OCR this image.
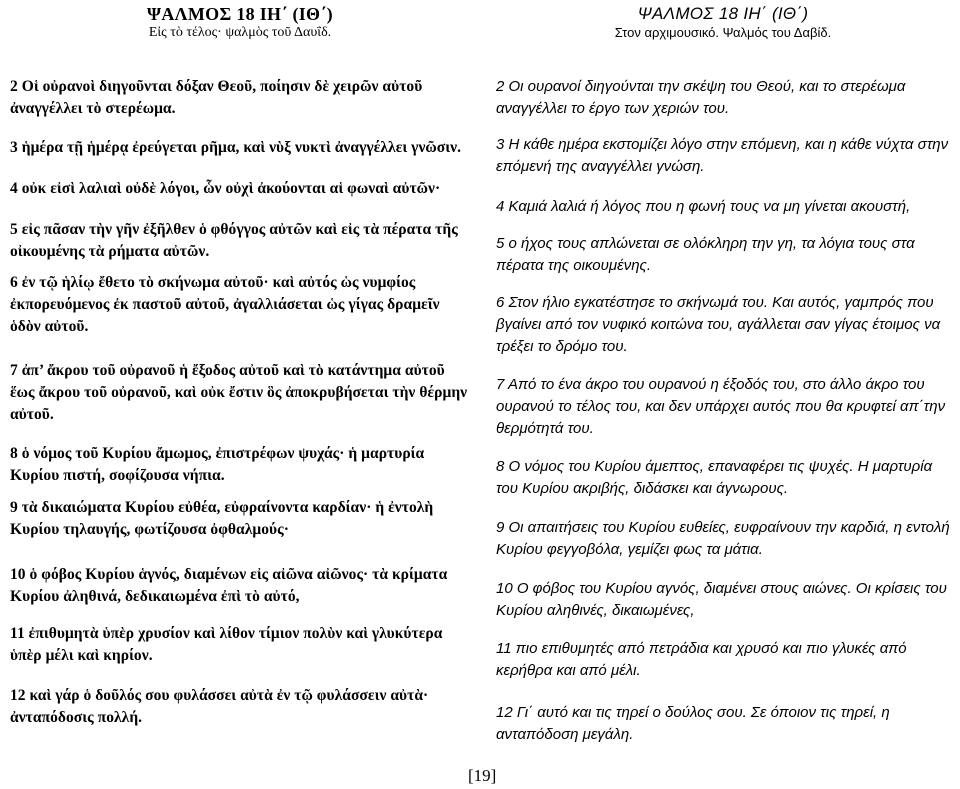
ΨΑΛΜΟΣ 18 ΙΗ΄ (ΙΘ΄)
Εἰς τὸ τέλος· ψαλμὸς τοῦ Δαυΐδ.

2 Οἱ οὐρανοὶ διηγοῦνται δόξαν Θεοῦ, ποίησιν δὲ χειρῶν αὐτοῦ ἀναγγέλλει τὸ στερέωμα.

3 ἡμέρα τῇ ἡμέρᾳ ἐρεύγεται ρῆμα, καὶ νὺξ νυκτὶ ἀναγγέλλει γνῶσιν.

4 οὐκ εἰσὶ λαλιαὶ οὐδὲ λόγοι, ὧν οὐχὶ ἀκούονται αἱ φωναὶ αὐτῶν·

5 εἰς πᾶσαν τὴν γῆν ἐξῆλθεν ὁ φθόγγος αὐτῶν καὶ εἰς τὰ πέρατα τῆς οἰκουμένης τὰ ρήματα αὐτῶν.

6 ἐν τῷ ἡλίῳ ἔθετο τὸ σκήνωμα αὐτοῦ· καὶ αὐτός ὡς νυμφίος ἐκπορευόμενος ἐκ παστοῦ αὐτοῦ, ἀγαλλιάσεται ὡς γίγας δραμεῖν ὁδὸν αὐτοῦ.

7 ἀπ’ ἄκρου τοῦ οὐρανοῦ ἡ ἔξοδος αὐτοῦ καὶ τὸ κατάντημα αὐτοῦ ἕως ἄκρου τοῦ οὐρανοῦ, καὶ οὐκ ἔστιν ὃς ἀποκρυβήσεται τὴν θέρμην αὐτοῦ.

8 ὁ νόμος τοῦ Κυρίου ἄμωμος, ἐπιστρέφων ψυχάς· ἡ μαρτυρία Κυρίου πιστή, σοφίζουσα νήπια.

9 τὰ δικαιώματα Κυρίου εὐθέα, εὐφραίνοντα καρδίαν· ἡ ἐντολὴ Κυρίου τηλαυγής, φωτίζουσα ὀφθαλμούς·

10 ὁ φόβος Κυρίου ἁγνός, διαμένων εἰς αἰῶνα αἰῶνος· τὰ κρίματα Κυρίου ἀληθινά, δεδικαιωμένα ἐπὶ τὸ αὐτό,

11 ἐπιθυμητὰ ὑπὲρ χρυσίον καὶ λίθον τίμιον πολὺν καὶ γλυκύτερα ὑπὲρ μέλι καὶ κηρίον.

12 καὶ γάρ ὁ δοῦλός σου φυλάσσει αὐτὰ ἐν τῷ φυλάσσειν αὐτὰ· ἀνταπόδοσις πολλή.

ΨΑΛΜΟΣ 18 ΙΗ΄ (ΙΘ΄)
Στον αρχιμουσικό. Ψαλμός του Δαβίδ.

2 Οι ουρανοί διηγούνται την σκέψη του Θεού, και το στερέωμα αναγγέλλει το έργο των χεριών του.

3 Η κάθε ημέρα εκστομίζει λόγο στην επόμενη, και η κάθε νύχτα στην επόμενή της αναγγέλλει γνώση.

4 Καμιά λαλιά ή λόγος που η φωνή τους να μη γίνεται ακουστή,

5 ο ήχος τους απλώνεται σε ολόκληρη την γη, τα λόγια τους στα πέρατα της οικουμένης.

6 Στον ήλιο εγκατέστησε το σκήνωμά του. Και αυτός, γαμπρός που βγαίνει από τον νυφικό κοιτώνα του, αγάλλεται σαν γίγας έτοιμος να τρέξει το δρόμο του.

7 Από το ένα άκρο του ουρανού η έξοδός του, στο άλλο άκρο του ουρανού το τέλος του, και δεν υπάρχει αυτός που θα κρυφτεί απ΄την θερμότητά του.

8 Ο νόμος του Κυρίου άμεπτος, επαναφέρει τις ψυχές. Η μαρτυρία του Κυρίου ακριβής, διδάσκει και άγνωρους.

9 Οι απαιτήσεις του Κυρίου ευθείες, ευφραίνουν την καρδιά, η εντολή Κυρίου φεγγοβόλα, γεμίζει φως τα μάτια.

10 Ο φόβος του Κυρίου αγνός, διαμένει στους αιώνες. Οι κρίσεις του Κυρίου αληθινές, δικαιωμένες,

11 πιο επιθυμητές από πετράδια και χρυσό και πιο γλυκές από κερήθρα και από μέλι.

12 Γι΄ αυτό και τις τηρεί ο δούλος σου. Σε όποιον τις τηρεί, η ανταπόδοση μεγάλη.

[19]
